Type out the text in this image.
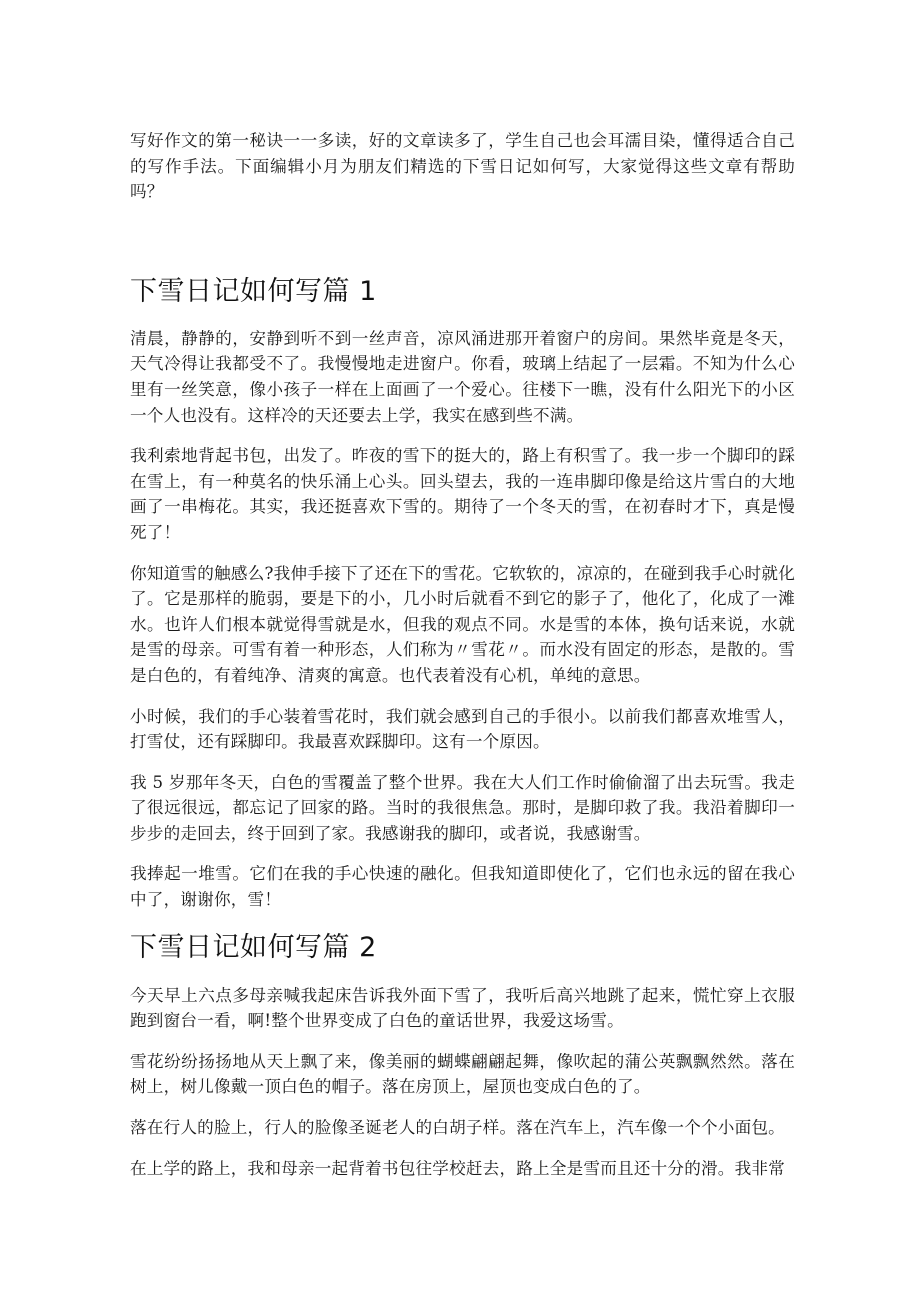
写好作文的第一秘诀一一多读，好的文章读多了，学生自己也会耳濡目染，懂得适合自己的写作手法。下面编辑小月为朋友们精选的下雪日记如何写，大家觉得这些文章有帮助吗？

下雪日记如何写篇 1

清晨，静静的，安静到听不到一丝声音，凉风涌进那开着窗户的房间。果然毕竟是冬天，天气冷得让我都受不了。我慢慢地走进窗户。你看，玻璃上结起了一层霜。不知为什么心里有一丝笑意，像小孩子一样在上面画了一个爱心。往楼下一瞧，没有什么阳光下的小区一个人也没有。这样冷的天还要去上学，我实在感到些不满。

我利索地背起书包，出发了。昨夜的雪下的挺大的，路上有积雪了。我一步一个脚印的踩在雪上，有一种莫名的快乐涌上心头。回头望去，我的一连串脚印像是给这片雪白的大地画了一串梅花。其实，我还挺喜欢下雪的。期待了一个冬天的雪，在初春时才下，真是慢死了！

你知道雪的触感么?我伸手接下了还在下的雪花。它软软的，凉凉的，在碰到我手心时就化了。它是那样的脆弱，要是下的小，几小时后就看不到它的影子了，他化了，化成了一滩水。也许人们根本就觉得雪就是水，但我的观点不同。水是雪的本体，换句话来说，水就是雪的母亲。可雪有着一种形态，人们称为〃雪花〃。而水没有固定的形态，是散的。雪是白色的，有着纯净、清爽的寓意。也代表着没有心机，单纯的意思。

小时候，我们的手心装着雪花时，我们就会感到自己的手很小。以前我们都喜欢堆雪人，打雪仗，还有踩脚印。我最喜欢踩脚印。这有一个原因。

我 5 岁那年冬天，白色的雪覆盖了整个世界。我在大人们工作时偷偷溜了出去玩雪。我走了很远很远，都忘记了回家的路。当时的我很焦急。那时，是脚印救了我。我沿着脚印一步步的走回去，终于回到了家。我感谢我的脚印，或者说，我感谢雪。

我捧起一堆雪。它们在我的手心快速的融化。但我知道即使化了，它们也永远的留在我心中了，谢谢你，雪！

下雪日记如何写篇 2

今天早上六点多母亲喊我起床告诉我外面下雪了，我听后高兴地跳了起来，慌忙穿上衣服跑到窗台一看，啊!整个世界变成了白色的童话世界，我爱这场雪。

雪花纷纷扬扬地从天上飘了来，像美丽的蝴蝶翩翩起舞，像吹起的蒲公英飘飘然然。落在树上，树儿像戴一顶白色的帽子。落在房顶上，屋顶也变成白色的了。

落在行人的脸上，行人的脸像圣诞老人的白胡子样。落在汽车上，汽车像一个个小面包。

在上学的路上，我和母亲一起背着书包往学校赶去，路上全是雪而且还十分的滑。我非常
